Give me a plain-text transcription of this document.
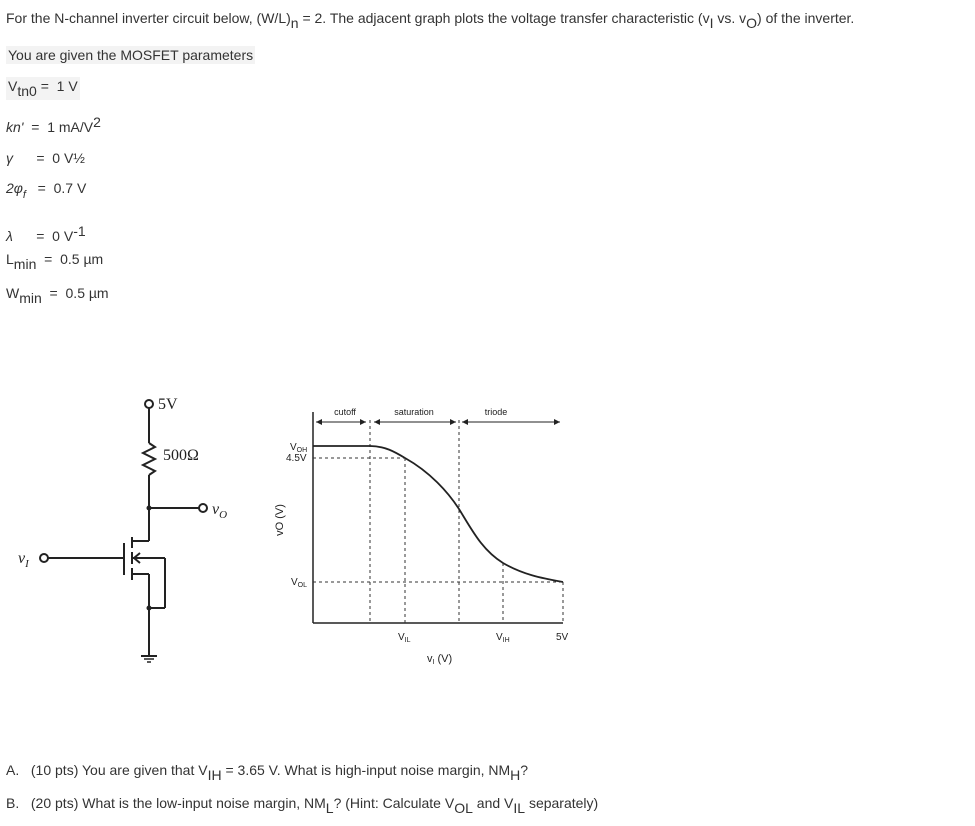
For the N-channel inverter circuit below, $(W/L)_n = 2$. The adjacent graph plots the voltage transfer characteristic ($v_I$ vs. $v_O$) of the inverter.
You are given the MOSFET parameters
$V_{tn0} = 1$ V
kn'  =  1 $mA/V^2$
γ      =  0 V½
$2\varphi_f = 0.7$ V
λ      =  0 $V^{-1}$
$L_{min} = 0.5$ µm
$W_{min} = 0.5$ µm
5V
500Ω
$v_O$
$v_I$
cutoff	saturation	triode
$V_{OH}$
4.5V
$V_{OL}$
$V_{IL}$	$V_{IH}$	5V
vI (V)
vO (V)
A.   (10 pts) You are given that $V_{IH} = 3.65$ V. What is high-input noise margin, $NM_H$?
B.   (20 pts) What is the low-input noise margin, $NM_L$? (Hint: Calculate $V_{OL}$ and $V_{IL}$ separately)
